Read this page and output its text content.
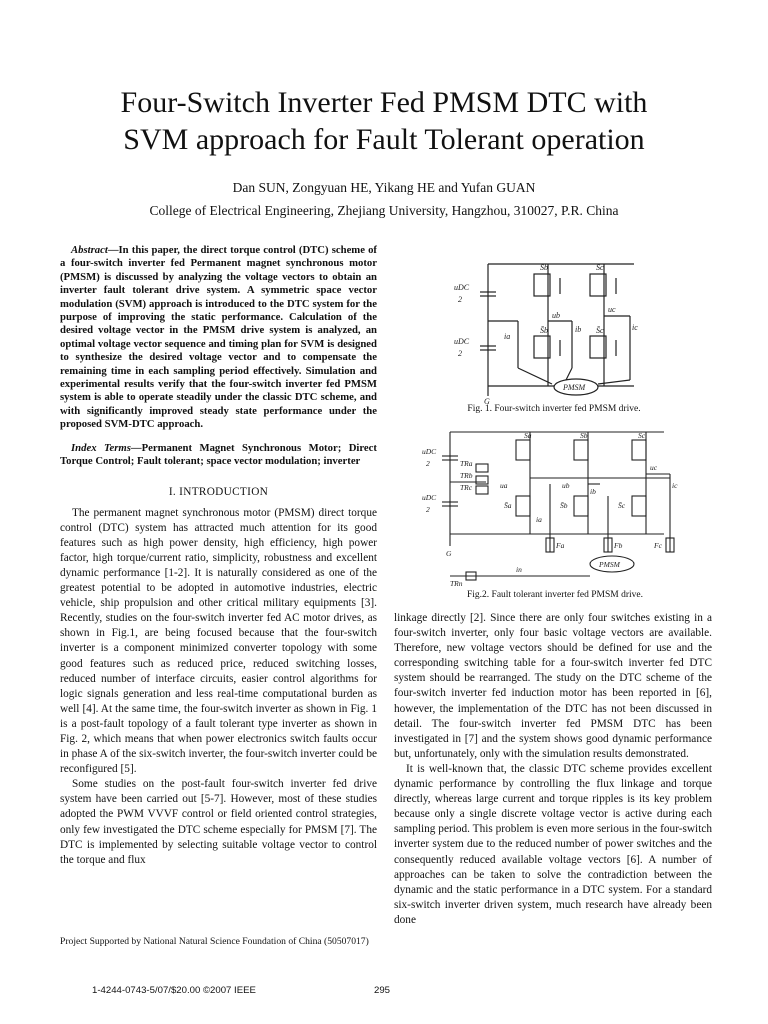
Four-Switch Inverter Fed PMSM DTC with
SVM approach for Fault Tolerant operation
Dan SUN, Zongyuan HE, Yikang HE and Yufan GUAN
College of Electrical Engineering, Zhejiang University, Hangzhou, 310027, P.R. China

Abstract—In this paper, the direct torque control (DTC) scheme of a four-switch inverter fed Permanent magnet synchronous motor (PMSM) is discussed by analyzing the voltage vectors to obtain an inverter fault tolerant drive system. A symmetric space vector modulation (SVM) approach is introduced to the DTC system for the purpose of improving the static performance. Calculation of the desired voltage vector in the PMSM drive system is analyzed, an optimal voltage vector sequence and timing plan for SVM is designed to synthesize the desired voltage vector and to compensate the remaining time in each sampling period effectively. Simulation and experimental results verify that the four-switch inverter fed PMSM system is able to operate steadily under the classic DTC scheme, and with significantly improved steady state performance under the proposed SVM-DTC approach.

Index Terms—Permanent Magnet Synchronous Motor; Direct Torque Control; Fault tolerant; space vector modulation; inverter

I. INTRODUCTION

The permanent magnet synchronous motor (PMSM) direct torque control (DTC) system has attracted much attention for its good features such as high power density, high efficiency, high power factor, high torque/current ratio, simplicity, robustness and excellent dynamic performance [1-2]. It is naturally considered as one of the greatest potential to be adopted in automotive industries, electric vehicle, ship propulsion and other critical military equipments [3]. Recently, studies on the four-switch inverter fed AC motor drives, as shown in Fig.1, are being focused because that the four-switch inverter is a component minimized converter topology with some good features such as reduced price, reduced switching losses, reduced number of interface circuits, easier control algorithms for logic signals generation and less real-time computational burden as well [4]. At the same time, the four-switch inverter as shown in Fig. 1 is a post-fault topology of a fault tolerant type inverter as shown in Fig. 2, which means that when power electronics switch faults occur in phase A of the six-switch inverter, the four-switch inverter could be reconfigured [5].

Some studies on the post-fault four-switch inverter fed drive system have been carried out [5-7]. However, most of these studies adopted the PWM VVVF control or field oriented control strategies, only few investigated the DTC scheme especially for PMSM [7]. The DTC is implemented by selecting suitable voltage vector to control the torque and flux

linkage directly [2]. Since there are only four switches existing in a four-switch inverter, only four basic voltage vectors are available. Therefore, new voltage vectors should be defined for use and the corresponding switching table for a four-switch inverter fed DTC system should be rearranged. The study on the DTC scheme of the four-switch inverter fed induction motor has been reported in [6], however, the implementation of the DTC has not been discussed in detail. The four-switch inverter fed PMSM DTC has been investigated in [7] and the system shows good dynamic performance but, unfortunately, only with the simulation results demonstrated.

It is well-known that, the classic DTC scheme provides excellent dynamic performance by controlling the flux linkage and torque directly, whereas large current and torque ripples is its key problem because only a single discrete voltage vector is active during each sampling period. This problem is even more serious in the four-switch inverter system due to the reduced number of power switches and the consequently reduced available voltage vectors [6]. A number of approaches can be taken to solve the contradiction between the dynamic and the static performance in a DTC system. For a standard six-switch inverter driven system, much research have already been done

Sb	Sc
S̄b	S̄c
uDC
2
uDC
2
ia
ub
ib
uc
ic
G
PMSM
Fig. 1. Four-switch inverter fed PMSM drive.
Sa	Sb	Sc
S̄a	S̄b	S̄c
uDC
2
uDC
2
TRa
TRb
TRc
TRn
ua	ub
ib
uc
ic
ia
in
Fa	Fb	Fc
G
PMSM
Fig.2. Fault tolerant inverter fed PMSM drive.
Project Supported by National Natural Science Foundation of China (50507017)
1-4244-0743-5/07/$20.00 ©2007 IEEE	295
